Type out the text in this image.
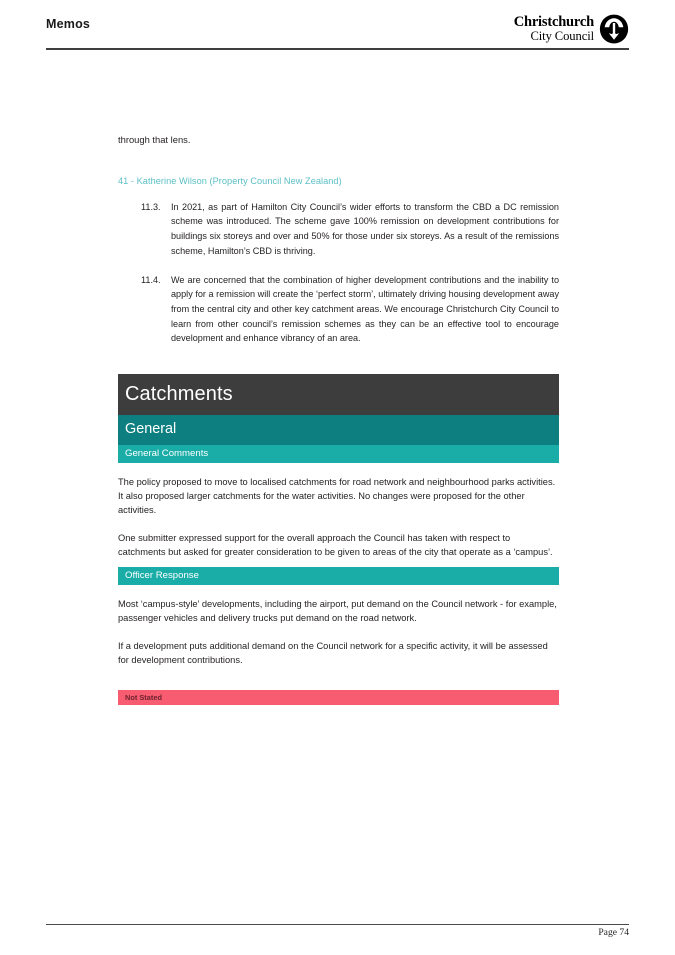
Memos	Christchurch
City Council
through that lens.
41 - Katherine Wilson (Property Council New Zealand)
11.3.	In 2021, as part of Hamilton City Council’s wider efforts to transform the CBD a DC remission scheme was introduced. The scheme gave 100% remission on development contributions for buildings six storeys and over and 50% for those under six storeys. As a result of the remissions scheme, Hamilton’s CBD is thriving.
11.4.	We are concerned that the combination of higher development contributions and the inability to apply for a remission will create the ‘perfect storm’, ultimately driving housing development away from the central city and other key catchment areas. We encourage Christchurch City Council to learn from other council’s remission schemes as they can be an effective tool to encourage development and enhance vibrancy of an area.
Catchments
General
General Comments

The policy proposed to move to localised catchments for road network and neighbourhood parks activities. It also proposed larger catchments for the water activities. No changes were proposed for the other activities.

One submitter expressed support for the overall approach the Council has taken with respect to catchments but asked for greater consideration to be given to areas of the city that operate as a ‘campus’.

Officer Response

Most ‘campus-style’ developments, including the airport, put demand on the Council network - for example, passenger vehicles and delivery trucks put demand on the road network.

If a development puts additional demand on the Council network for a specific activity, it will be assessed for development contributions.

Not Stated
Page 74
